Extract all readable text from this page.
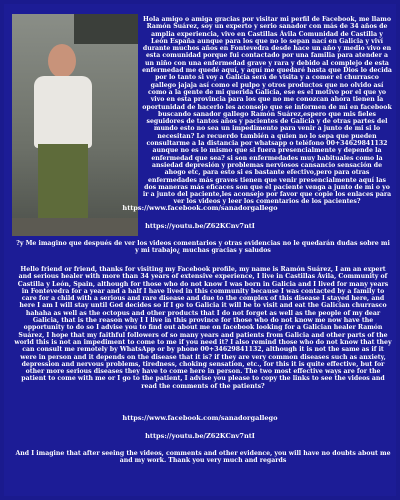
Hola amigo o amiga gracias por visitar mi perfil de Facebook, me llamo Ramón Suárez, soy un experto y serio sanador con más de 34 años de amplia experiencia, vivo en Castillas Ávila Comunidad de Castilla y León España aunque para los que no lo sepan nací en Galicia y viví durante muchos años en Fontevedra desde hace un año y medio vivo en esta comunidad porque fui contactado por una familia para atender a un niño con una enfermedad grave y rara y debido al complejo de esta enfermedad me quedé aquí, y aquí me quedaré hasta que Dios lo decida por lo tanto si voy a Galicia será de visita y a comer el churrasco gallego jajaja así como el pulpo y otros productos que no olvido así como a la gente de mi querida Galicia, ese es el motivo por el que yo vivo en esta provincia para los que no me conozcan ahora tienen la oportunidad de hacerlo les aconsejo que se informen de mi en facebook buscando sanador gallego Ramón Suárez,espero que mis fieles seguidores de tantos años y pacientes de Galicia y de otras partes del mundo esto no sea un impedimento para venir a junto de mi si lo necesitan? Le recuerdo también a quien no lo sepa que pueden consultarme a la distancia por whatsapp o teléfono 00+34629841132 aunque no es lo mismo que si fuera presencialmente y depende la enfermedad que sea? si son enfermedades muy habituales como la ansiedad depresión y problemas nerviosos cansancio sensación de ahogo etc, para esto si es bastante efectivo,pero para otras enfermedades más graves tienen que venir presencialmente aquí las dos maneras más eficaces son que el paciente venga a junto de mi o yo ir a junto del paciente,les aconsejo por favor que copie los enlaces para ver los videos y leer los comentarios de los pacientes?

https://www.facebook.com/sanadorgallego
https://youtu.be/Z62KCnv7ntI

?y Me imagino que después de ver los videos comentarios y otras evidencias no le quedarán dudas sobre mi y mi trabajo¿ muchas gracias y saludos

Hello friend or friend, thanks for visiting my Facebook profile, my name is Ramón Suárez, I am an expert and serious healer with more than 34 years of extensive experience, I live in Castillas Ávila, Community of Castilla y León, Spain, although for those who do not know I was born in Galicia and I lived for many years in Fontevedra for a year and a half I have lived in this community because I was contacted by a family to care for a child with a serious and rare disease and due to the complex of this disease I stayed here, and here I am I will stay until God decides so if I go to Galicia it will be to visit and eat the Galician churrasco hahaha as well as the octopus and other products that I do not forget as well as the people of my dear Galicia, that is the reason why I I live in this province for those who do not know me now have the opportunity to do so I advise you to find out about me on facebook looking for a Galician healer Ramón Suárez, I hope that my faithful followers of so many years and patients from Galicia and other parts of the world this is not an impediment to come to me if you need it? I also remind those who do not know that they can consult me remotely by WhatsApp or by phone 00+34629841132, although it is not the same as if it were in person and it depends on the disease that it is? if they are very common diseases such as anxiety, depression and nervous problems, tiredness, choking sensation, etc., for this it is quite effective, but for other more serious diseases they have to come here in person. The two most effective ways are for the patient to come with me or I go to the patient, I advise you please to copy the links to see the videos and read the comments of the patients?

https://www.facebook.com/sanadorgallego
https://youtu.be/Z62KCnv7ntI

And I imagine that after seeing the videos, comments and other evidence, you will have no doubts about me and my work. Thank you very much and regards
